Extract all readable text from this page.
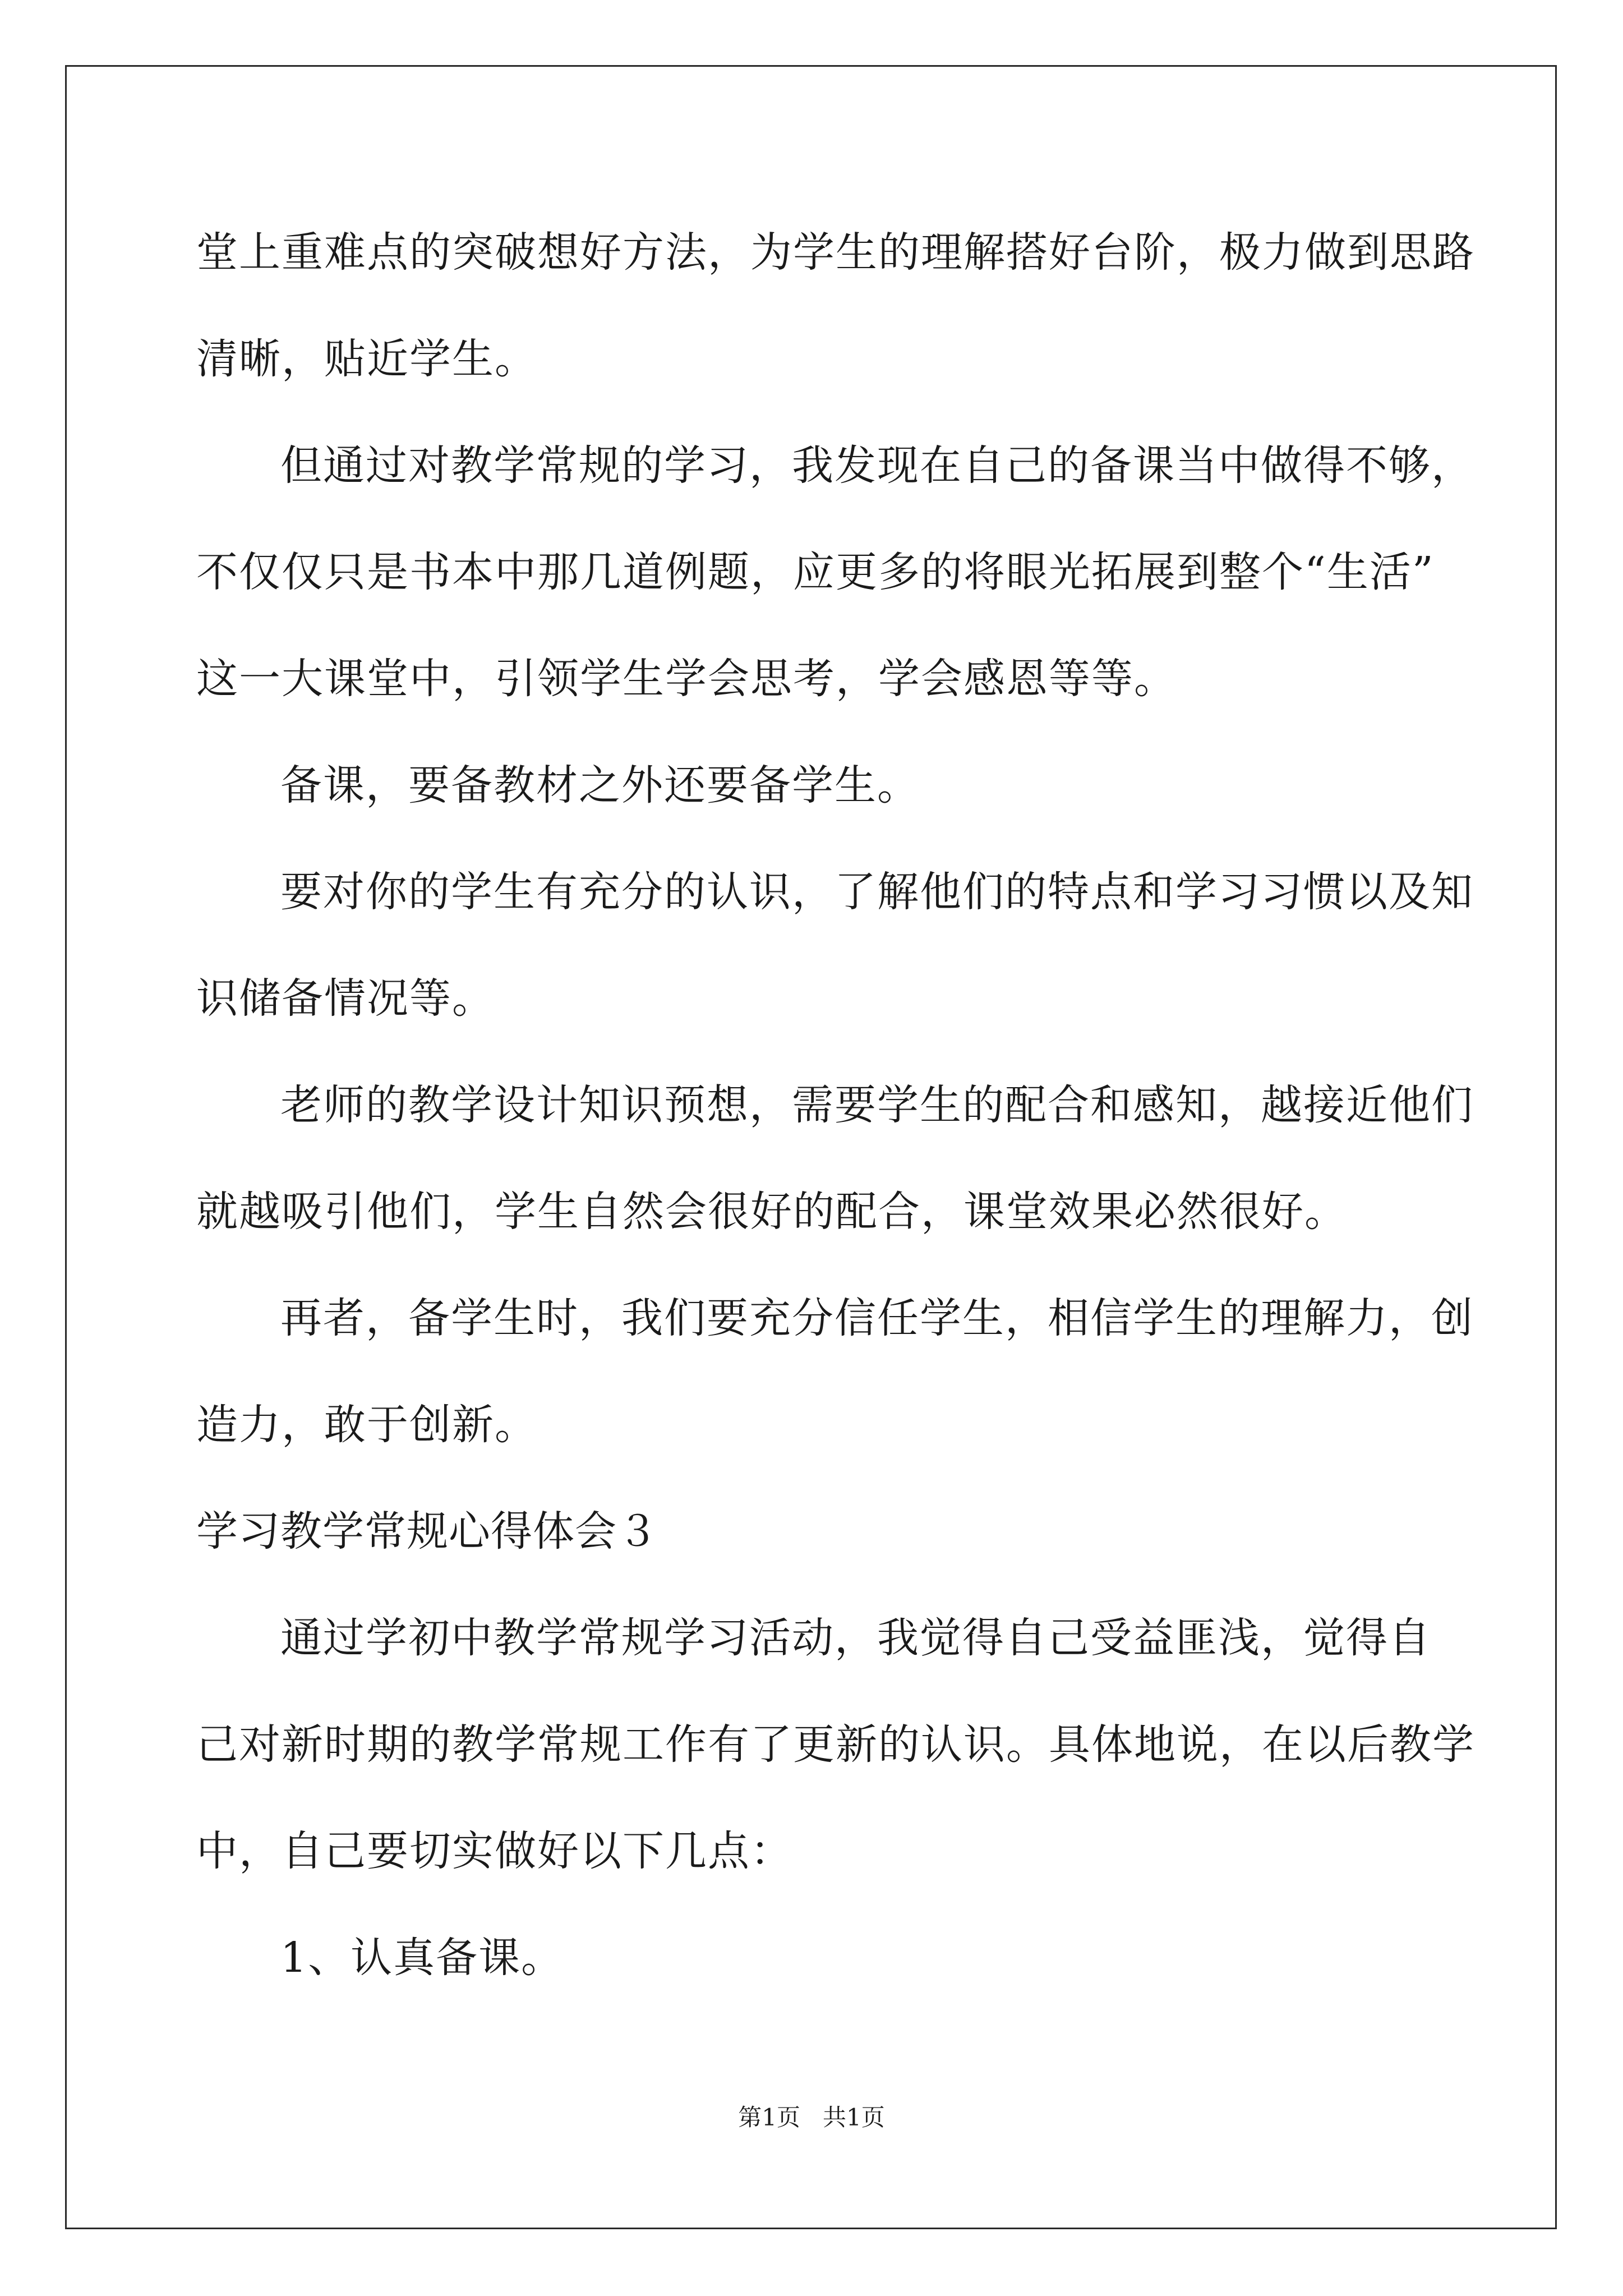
堂上重难点的突破想好方法，为学生的理解搭好台阶，极力做到思路
清晰，贴近学生。
但通过对教学常规的学习，我发现在自己的备课当中做得不够，
不仅仅只是书本中那几道例题，应更多的将眼光拓展到整个“生活”
这一大课堂中，引领学生学会思考，学会感恩等等。
备课，要备教材之外还要备学生。
要对你的学生有充分的认识，了解他们的特点和学习习惯以及知
识储备情况等。
老师的教学设计知识预想，需要学生的配合和感知，越接近他们
就越吸引他们，学生自然会很好的配合，课堂效果必然很好。
再者，备学生时，我们要充分信任学生，相信学生的理解力，创
造力，敢于创新。
学习教学常规心得体会３
通过学初中教学常规学习活动，我觉得自己受益匪浅，觉得自
己对新时期的教学常规工作有了更新的认识。具体地说，在以后教学
中，自己要切实做好以下几点：
1、认真备课。
第1页 共1页
